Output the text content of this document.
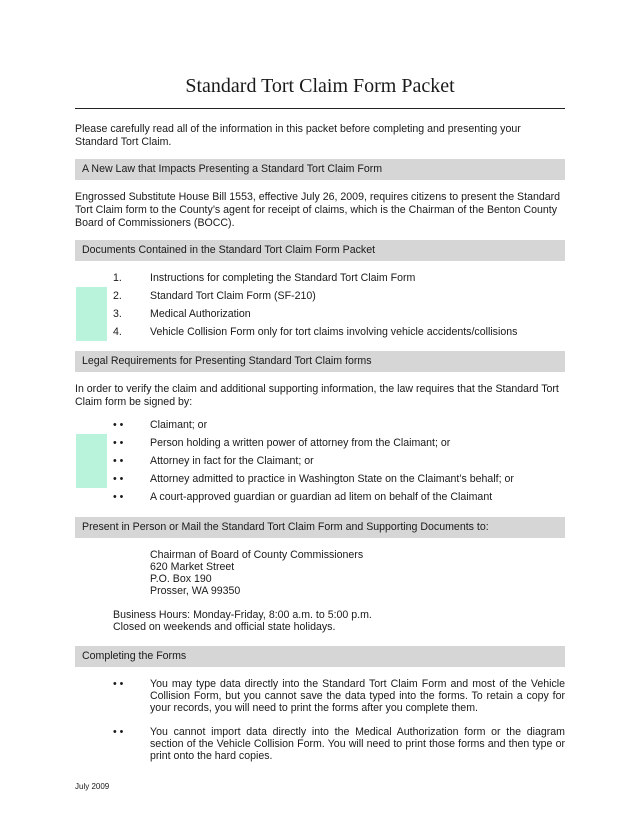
Standard Tort Claim Form Packet

Please carefully read all of the information in this packet before completing and presenting your Standard Tort Claim.

A New Law that Impacts Presenting a Standard Tort Claim Form

Engrossed Substitute House Bill 1553, effective July 26, 2009, requires citizens to present the Standard Tort Claim form to the County’s agent for receipt of claims, which is the Chairman of the Benton County Board of Commissioners (BOCC).

Documents Contained in the Standard Tort Claim Form Packet
1.	Instructions for completing the Standard Tort Claim Form
2.	Standard Tort Claim Form (SF-210)
3.	Medical Authorization
4.	Vehicle Collision Form only for tort claims involving vehicle accidents/collisions
Legal Requirements for Presenting Standard Tort Claim forms

In order to verify the claim and additional supporting information, the law requires that the Standard Tort Claim form be signed by:

• •	Claimant; or
• •	Person holding a written power of attorney from the Claimant; or
• •	Attorney in fact for the Claimant; or
• •	Attorney admitted to practice in Washington State on the Claimant’s behalf; or
• •	A court-approved guardian or guardian ad litem on behalf of the Claimant
Present in Person or Mail the Standard Tort Claim Form and Supporting Documents to:
Chairman of Board of County Commissioners
620 Market Street
P.O. Box 190
Prosser, WA 99350
Business Hours: Monday-Friday, 8:00 a.m. to 5:00 p.m.
Closed on weekends and official state holidays.
Completing the Forms
• •	You may type data directly into the Standard Tort Claim Form and most of the Vehicle Collision Form, but you cannot save the data typed into the forms. To retain a copy for your records, you will need to print the forms after you complete them.

• •	You cannot import data directly into the Medical Authorization form or the diagram section of the Vehicle Collision Form. You will need to print those forms and then type or print onto the hard copies.

July 2009
